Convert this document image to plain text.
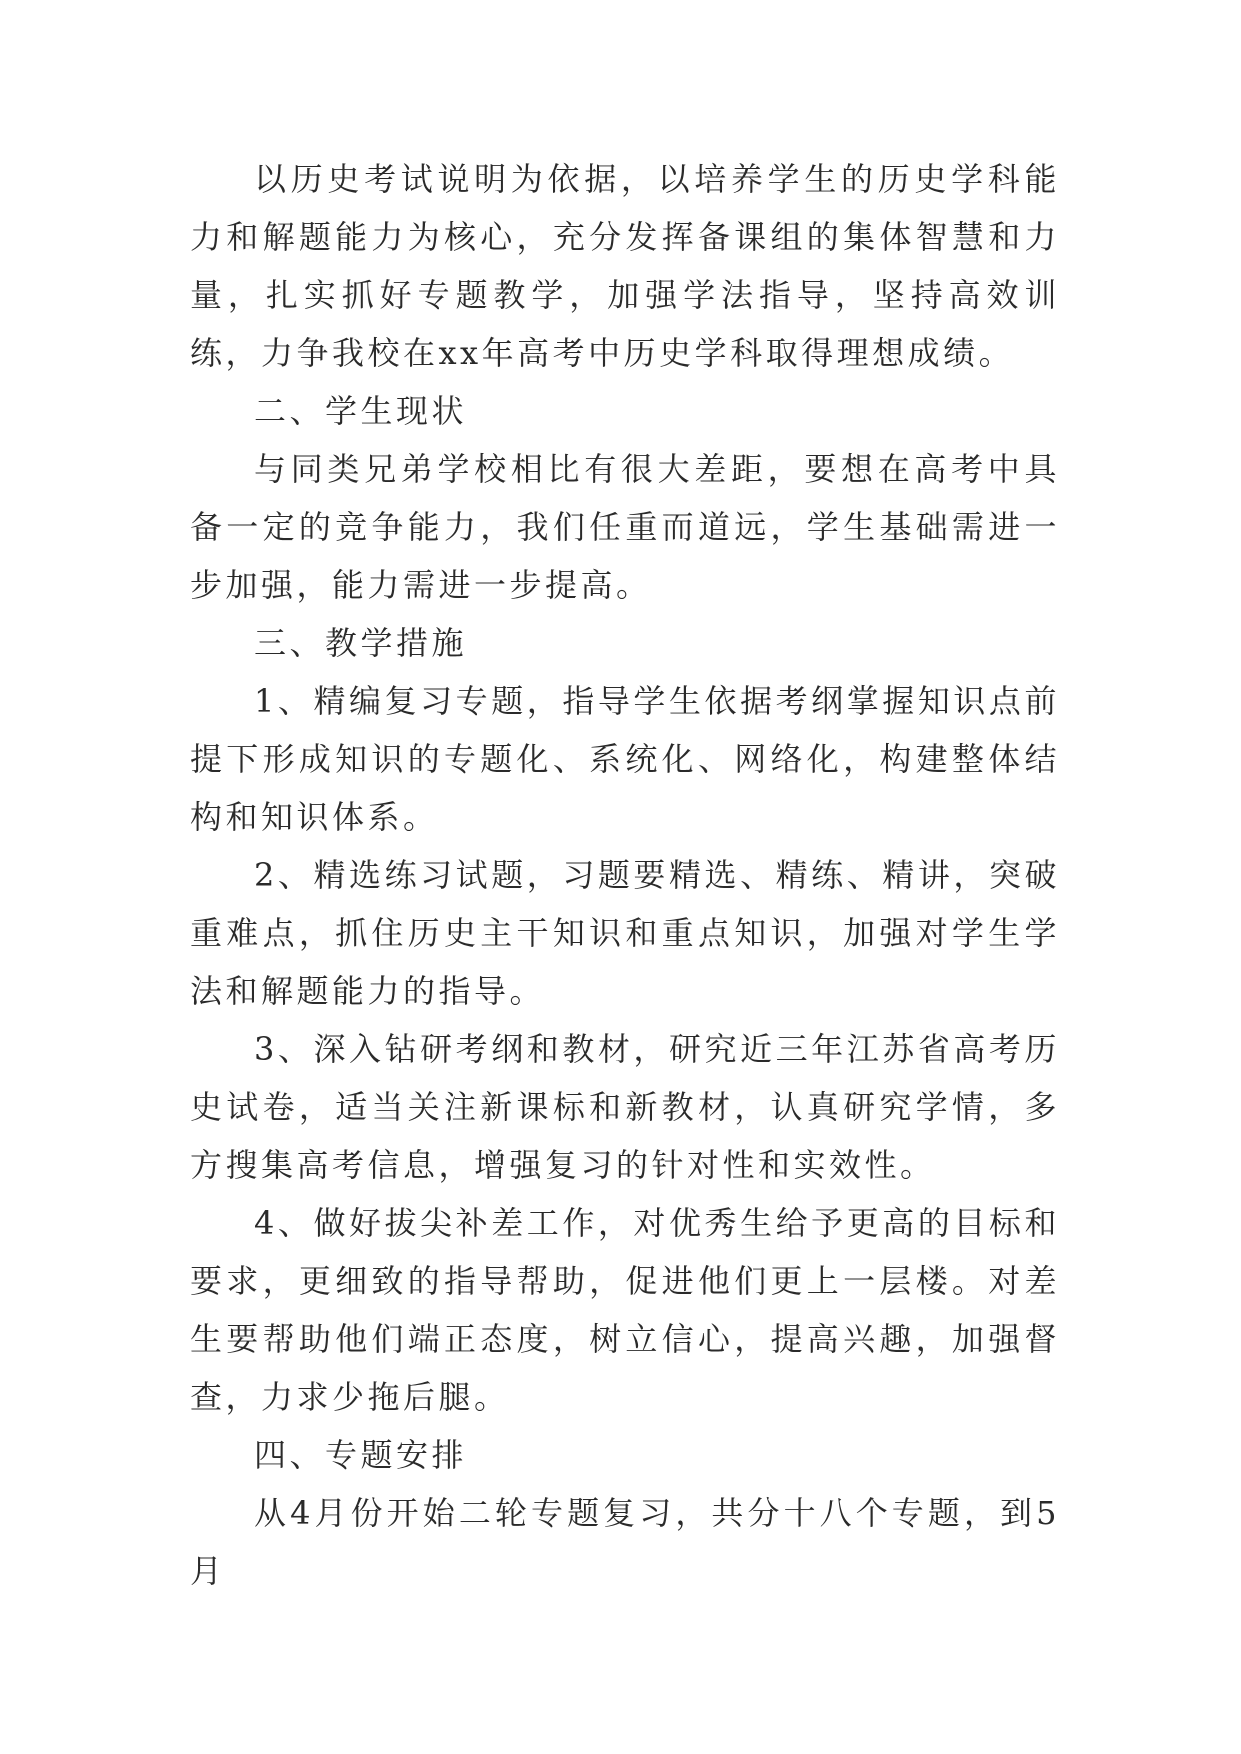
以历史考试说明为依据，以培养学生的历史学科能力和解题能力为核心，充分发挥备课组的集体智慧和力量，扎实抓好专题教学，加强学法指导，坚持高效训练，力争我校在xx年高考中历史学科取得理想成绩。

二、学生现状

与同类兄弟学校相比有很大差距，要想在高考中具备一定的竞争能力，我们任重而道远，学生基础需进一步加强，能力需进一步提高。

三、教学措施

1、精编复习专题，指导学生依据考纲掌握知识点前提下形成知识的专题化、系统化、网络化，构建整体结构和知识体系。

2、精选练习试题，习题要精选、精练、精讲，突破重难点，抓住历史主干知识和重点知识，加强对学生学法和解题能力的指导。

3、深入钻研考纲和教材，研究近三年江苏省高考历史试卷，适当关注新课标和新教材，认真研究学情，多方搜集高考信息，增强复习的针对性和实效性。

4、做好拔尖补差工作，对优秀生给予更高的目标和要求，更细致的指导帮助，促进他们更上一层楼。对差生要帮助他们端正态度，树立信心，提高兴趣，加强督查，力求少拖后腿。

四、专题安排

从4月份开始二轮专题复习，共分十八个专题，到5月
